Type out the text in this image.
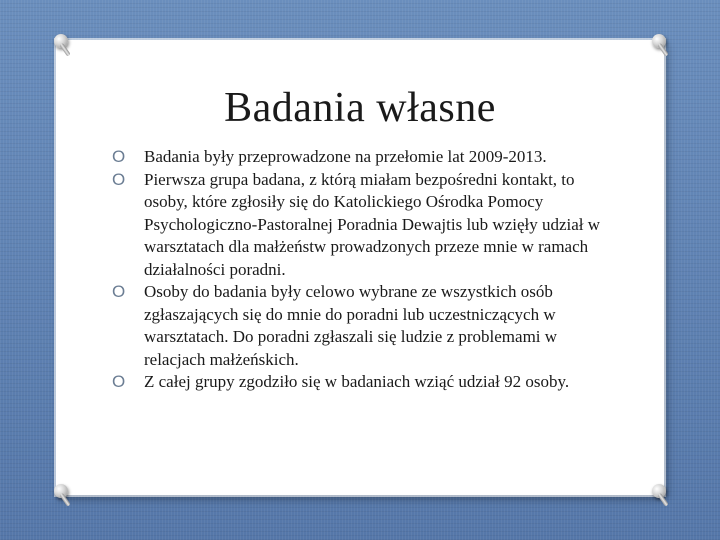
Badania własne
O Badania były przeprowadzone na przełomie lat 2009-2013.
O Pierwsza grupa badana, z którą miałam bezpośredni kontakt, to osoby, które zgłosiły się do Katolickiego Ośrodka Pomocy Psychologiczno-Pastoralnej Poradnia Dewajtis lub wzięły udział w warsztatach dla małżeństw prowadzonych przeze mnie w ramach działalności poradni.
O Osoby do badania były celowo wybrane ze wszystkich osób zgłaszających się do mnie do poradni lub uczestniczących w warsztatach. Do poradni zgłaszali się ludzie z problemami w relacjach małżeńskich.
O Z całej grupy zgodziło się w badaniach wziąć udział 92 osoby.
